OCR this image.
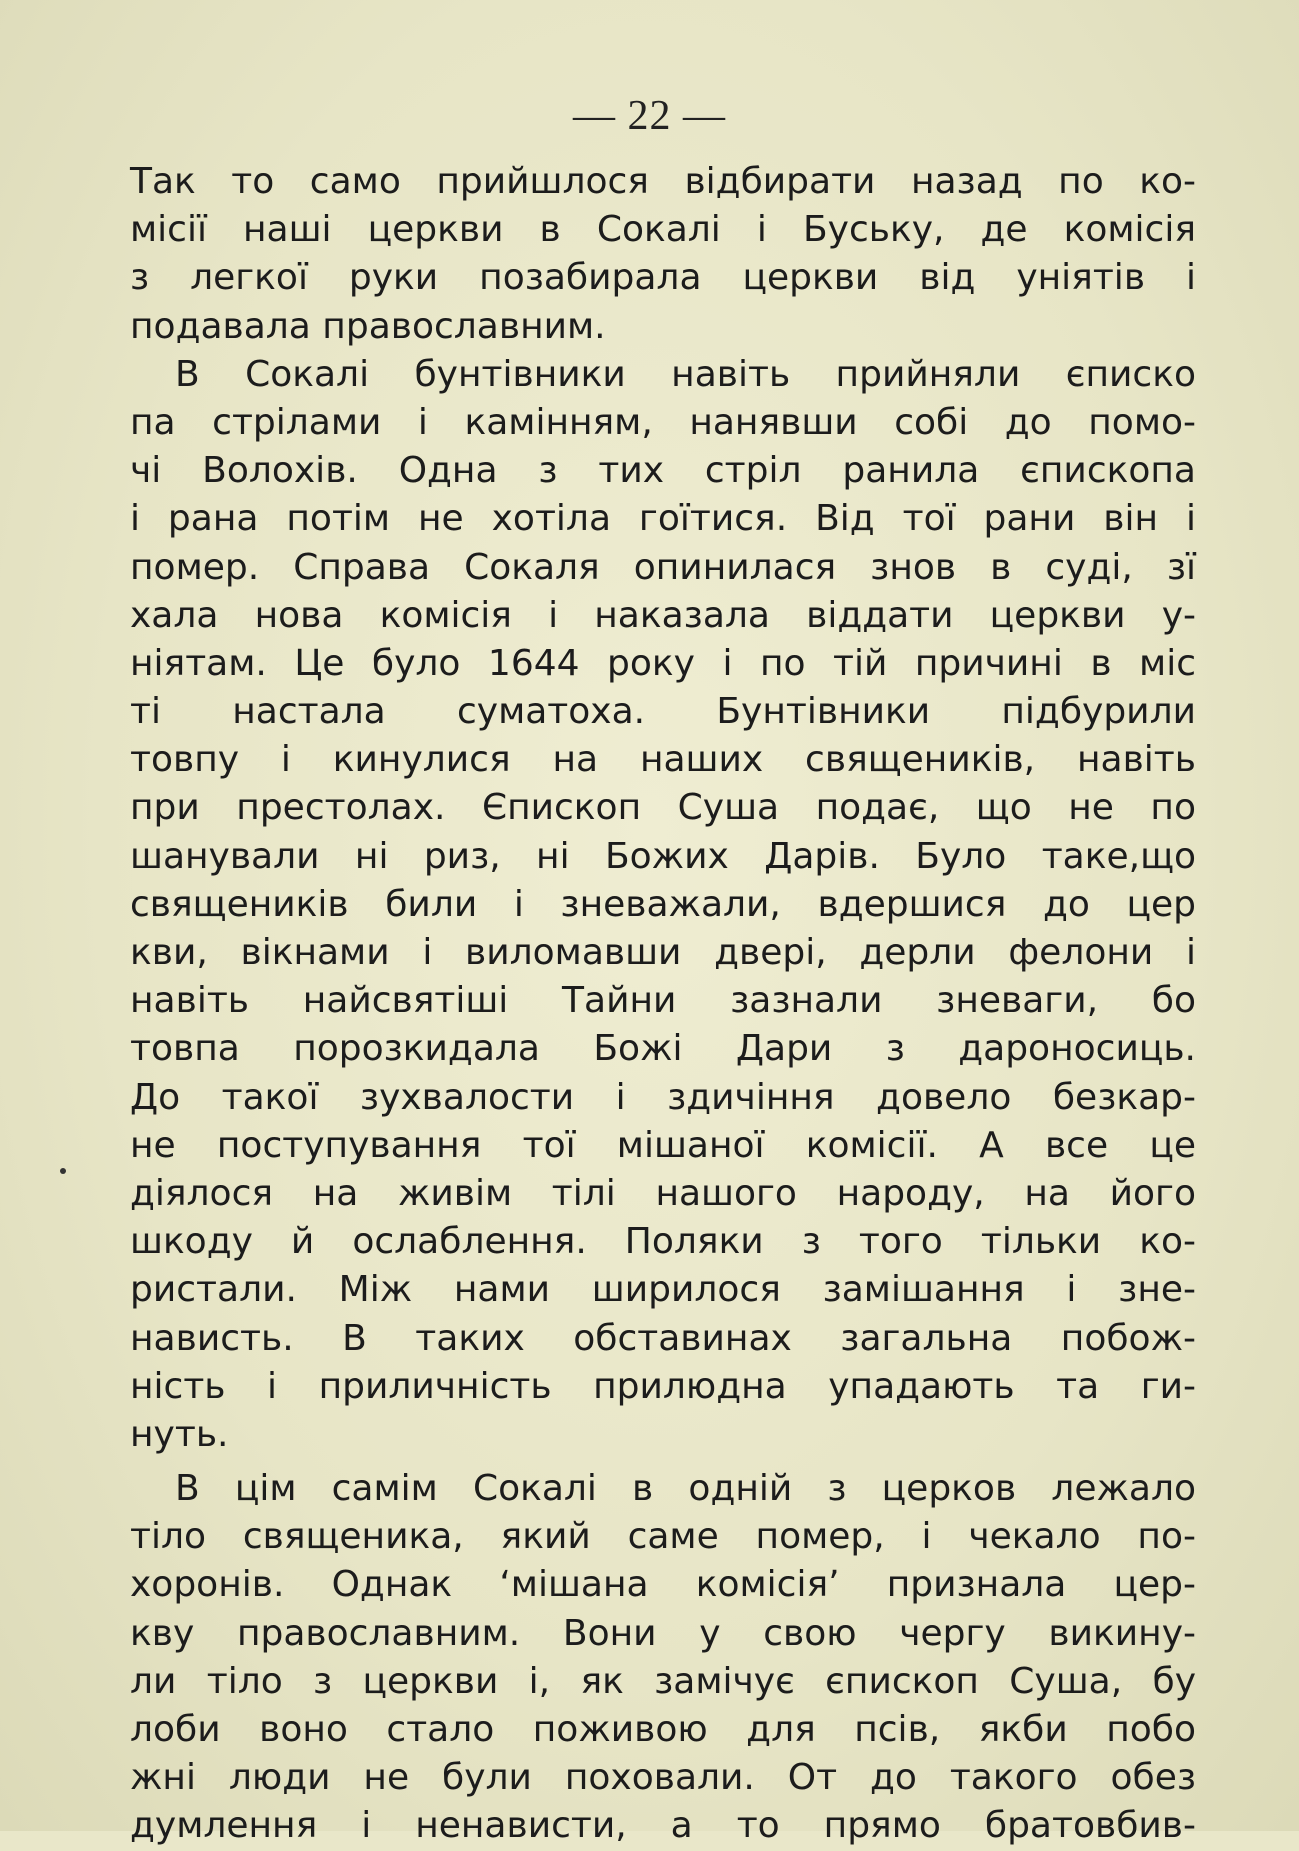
— 22 —
Так то само прийшлося відбирати назад по ко-
місії наші церкви в Сокалі і Буську, де комісія
з легкої руки позабирала церкви від уніятів і
подавала православним.
В Сокалі бунтівники навіть прийняли єписко
па стрілами і камінням, нанявши собі до помо-
чі Волохів. Одна з тих стріл ранила єпископа
і рана потім не хотіла гоїтися. Від тої рани він і
помер. Справа Сокаля опинилася знов в суді, зї
хала нова комісія і наказала віддати церкви у-
ніятам. Це було 1644 року і по тій причині в міс
ті настала суматоха. Бунтівники підбурили
товпу і кинулися на наших священиків, навіть
при престолах. Єпископ Суша подає, що не по
шанували ні риз, ні Божих Дарів. Було таке,що
священиків били і зневажали, вдершися до цер
кви, вікнами і виломавши двері, дерли фелони і
навіть найсвятіші Тайни зазнали зневаги, бо
товпа порозкидала Божі Дари з дароносиць.
До такої зухвалости і здичіння довело безкар-
не поступування тої мішаної комісії. А все це
діялося на живім тілі нашого народу, на його
шкоду й ослаблення. Поляки з того тільки ко-
ристали. Між нами ширилося замішання і зне-
нависть. В таких обставинах загальна побож-
ність і приличність прилюдна упадають та ги-
нуть.
В цім самім Сокалі в одній з церков лежало
тіло священика, який саме помер, і чекало по-
хоронів. Однак ‘мішана комісія’ признала цер-
кву православним. Вони у свою чергу викину-
ли тіло з церкви і, як замічує єпископ Суша, бу
лоби воно стало поживою для псів, якби побо
жні люди не були поховали. От до такого обез
думлення і ненависти, а то прямо братовбив-
